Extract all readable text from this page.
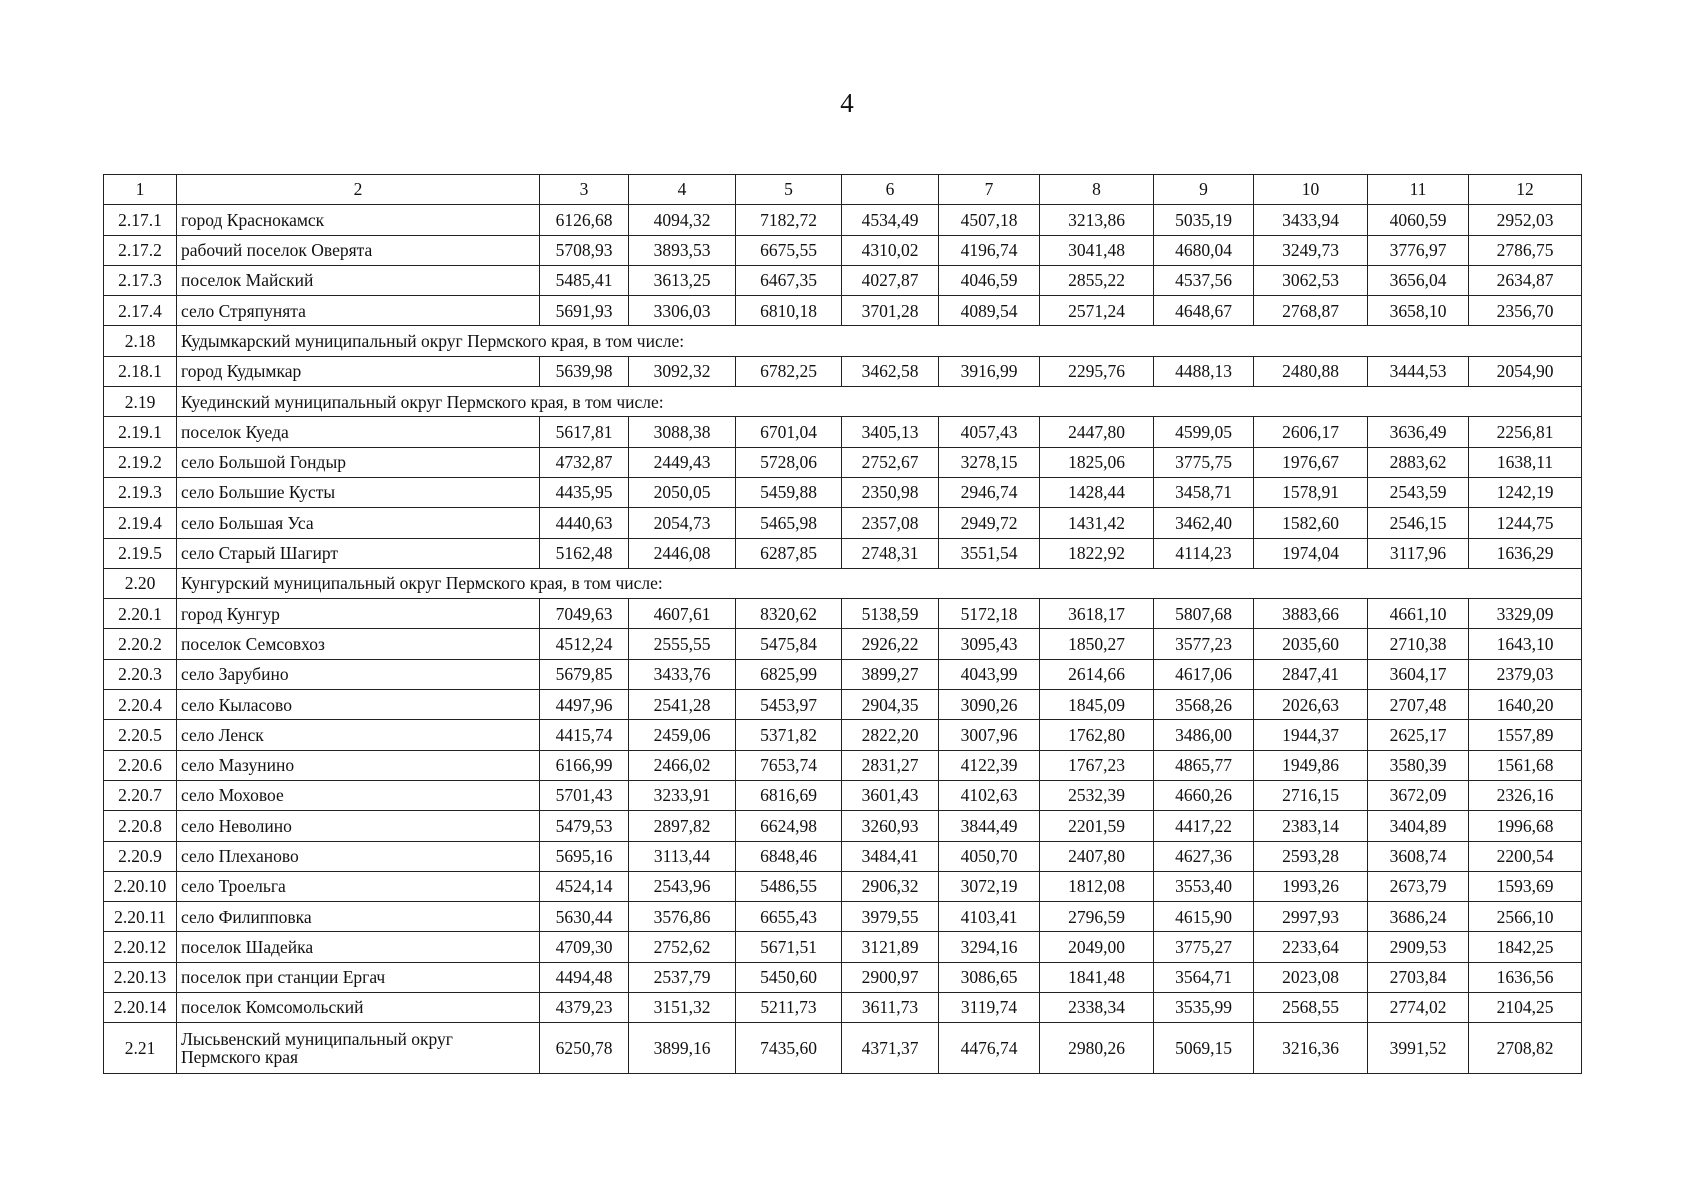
4
1	2	3	4	5	6	7	8	9	10	11	12
2.17.1	город Краснокамск	6126,68	4094,32	7182,72	4534,49	4507,18	3213,86	5035,19	3433,94	4060,59	2952,03
2.17.2	рабочий поселок Оверята	5708,93	3893,53	6675,55	4310,02	4196,74	3041,48	4680,04	3249,73	3776,97	2786,75
2.17.3	поселок Майский	5485,41	3613,25	6467,35	4027,87	4046,59	2855,22	4537,56	3062,53	3656,04	2634,87
2.17.4	село Стряпунята	5691,93	3306,03	6810,18	3701,28	4089,54	2571,24	4648,67	2768,87	3658,10	2356,70
2.18	Кудымкарский муниципальный округ Пермского края, в том числе:										
2.18.1	город Кудымкар	5639,98	3092,32	6782,25	3462,58	3916,99	2295,76	4488,13	2480,88	3444,53	2054,90
2.19	Куединский муниципальный округ Пермского края, в том числе:										
2.19.1	поселок Куеда	5617,81	3088,38	6701,04	3405,13	4057,43	2447,80	4599,05	2606,17	3636,49	2256,81
2.19.2	село Большой Гондыр	4732,87	2449,43	5728,06	2752,67	3278,15	1825,06	3775,75	1976,67	2883,62	1638,11
2.19.3	село Большие Кусты	4435,95	2050,05	5459,88	2350,98	2946,74	1428,44	3458,71	1578,91	2543,59	1242,19
2.19.4	село Большая Уса	4440,63	2054,73	5465,98	2357,08	2949,72	1431,42	3462,40	1582,60	2546,15	1244,75
2.19.5	село Старый Шагирт	5162,48	2446,08	6287,85	2748,31	3551,54	1822,92	4114,23	1974,04	3117,96	1636,29
2.20	Кунгурский муниципальный округ Пермского края, в том числе:										
2.20.1	город Кунгур	7049,63	4607,61	8320,62	5138,59	5172,18	3618,17	5807,68	3883,66	4661,10	3329,09
2.20.2	поселок Семсовхоз	4512,24	2555,55	5475,84	2926,22	3095,43	1850,27	3577,23	2035,60	2710,38	1643,10
2.20.3	село Зарубино	5679,85	3433,76	6825,99	3899,27	4043,99	2614,66	4617,06	2847,41	3604,17	2379,03
2.20.4	село Кыласово	4497,96	2541,28	5453,97	2904,35	3090,26	1845,09	3568,26	2026,63	2707,48	1640,20
2.20.5	село Ленск	4415,74	2459,06	5371,82	2822,20	3007,96	1762,80	3486,00	1944,37	2625,17	1557,89
2.20.6	село Мазунино	6166,99	2466,02	7653,74	2831,27	4122,39	1767,23	4865,77	1949,86	3580,39	1561,68
2.20.7	село Моховое	5701,43	3233,91	6816,69	3601,43	4102,63	2532,39	4660,26	2716,15	3672,09	2326,16
2.20.8	село Неволино	5479,53	2897,82	6624,98	3260,93	3844,49	2201,59	4417,22	2383,14	3404,89	1996,68
2.20.9	село Плеханово	5695,16	3113,44	6848,46	3484,41	4050,70	2407,80	4627,36	2593,28	3608,74	2200,54
2.20.10	село Троельга	4524,14	2543,96	5486,55	2906,32	3072,19	1812,08	3553,40	1993,26	2673,79	1593,69
2.20.11	село Филипповка	5630,44	3576,86	6655,43	3979,55	4103,41	2796,59	4615,90	2997,93	3686,24	2566,10
2.20.12	поселок Шадейка	4709,30	2752,62	5671,51	3121,89	3294,16	2049,00	3775,27	2233,64	2909,53	1842,25
2.20.13	поселок при станции Ергач	4494,48	2537,79	5450,60	2900,97	3086,65	1841,48	3564,71	2023,08	2703,84	1636,56
2.20.14	поселок Комсомольский	4379,23	3151,32	5211,73	3611,73	3119,74	2338,34	3535,99	2568,55	2774,02	2104,25
2.21	Лысьвенский муниципальный округ Пермского края	6250,78	3899,16	7435,60	4371,37	4476,74	2980,26	5069,15	3216,36	3991,52	2708,82
